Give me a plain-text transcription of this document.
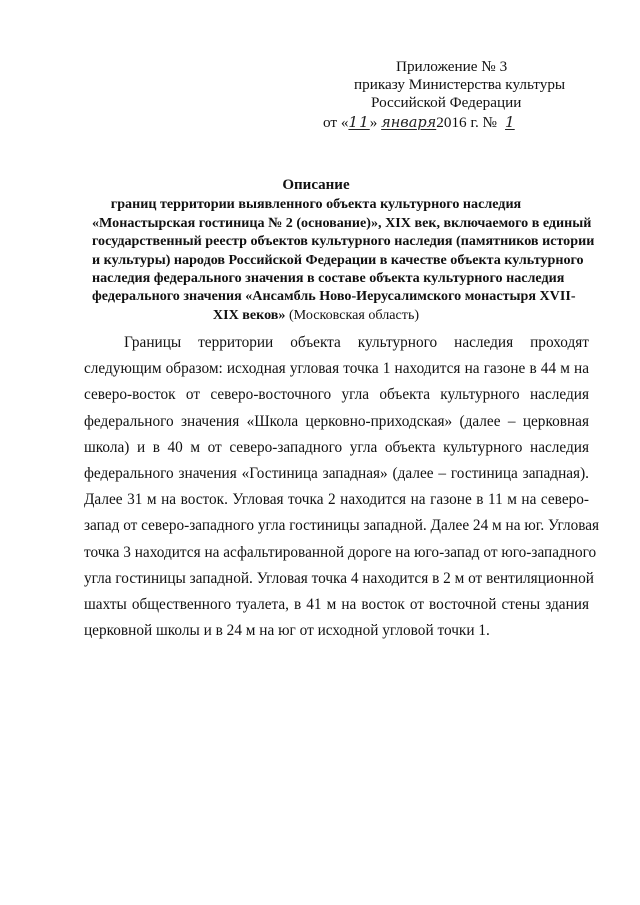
Приложение № 3
приказу Министерства культуры
Российской Федерации
от «11» января2016 г. № 1
Описание
границ территории выявленного объекта культурного наследия
«Монастырская гостиница № 2 (основание)», XIX век, включаемого в единый
государственный реестр объектов культурного наследия (памятников истории
и культуры) народов Российской Федерации в качестве объекта культурного
наследия федерального значения в составе объекта культурного наследия
федерального значения «Ансамбль Ново-Иерусалимского монастыря XVII-
XIX веков» (Московская область)
Границы территории объекта культурного наследия проходят
следующим образом: исходная угловая точка 1 находится на газоне в 44 м на
северо-восток от северо-восточного угла объекта культурного наследия
федерального значения «Школа церковно-приходская» (далее – церковная
школа) и в 40 м от северо-западного угла объекта культурного наследия
федерального значения «Гостиница западная» (далее – гостиница западная).
Далее 31 м на восток. Угловая точка 2 находится на газоне в 11 м на северо-
запад от северо-западного угла гостиницы западной. Далее 24 м на юг. Угловая
точка 3 находится на асфальтированной дороге на юго-запад от юго-западного
угла гостиницы западной. Угловая точка 4 находится в 2 м от вентиляционной
шахты общественного туалета, в 41 м на восток от восточной стены здания
церковной школы и в 24 м на юг от исходной угловой точки 1.
